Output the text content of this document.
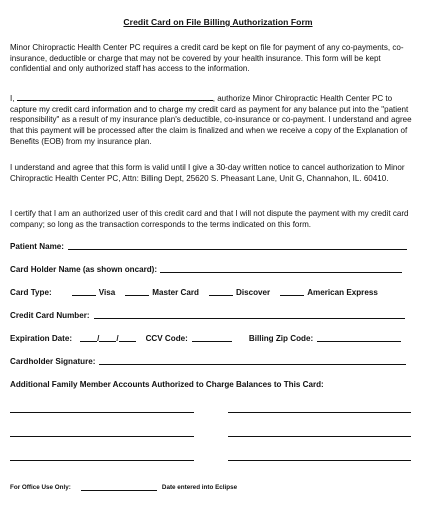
Credit Card on File Billing Authorization Form

Minor Chiropractic Health Center PC requires a credit card be kept on file for payment of any co-payments, co-insurance, deductible or charge that may not be covered by your health insurance. This form will be kept confidential and only authorized staff has access to the information.

I,	, authorize Minor Chiropractic Health Center PC to capture my credit card information and to charge my credit card as payment for any balance put into the "patient responsibility" as a result of my insurance plan's deductible, co-insurance or co-payment. I understand and agree that this payment will be processed after the claim is finalized and when we receive a copy of the Explanation of Benefits (EOB) from my insurance plan.

I understand and agree that this form is valid until I give a 30-day written notice to cancel authorization to Minor Chiropractic Health Center PC, Attn: Billing Dept, 25620 S. Pheasant Lane, Unit G, Channahon, IL. 60410.

I certify that I am an authorized user of this credit card and that I will not dispute the payment with my credit card company; so long as the transaction corresponds to the terms indicated on this form.

Patient Name:
Card Holder Name (as shown oncard):
Card Type:	Visa	Master Card	Discover	American Express
Credit Card Number:
Expiration Date:	/ /	CCV Code:	Billing Zip Code:
Cardholder Signature:
Additional Family Member Accounts Authorized to Charge Balances to This Card:
For Office Use Only:	Date entered into Eclipse
